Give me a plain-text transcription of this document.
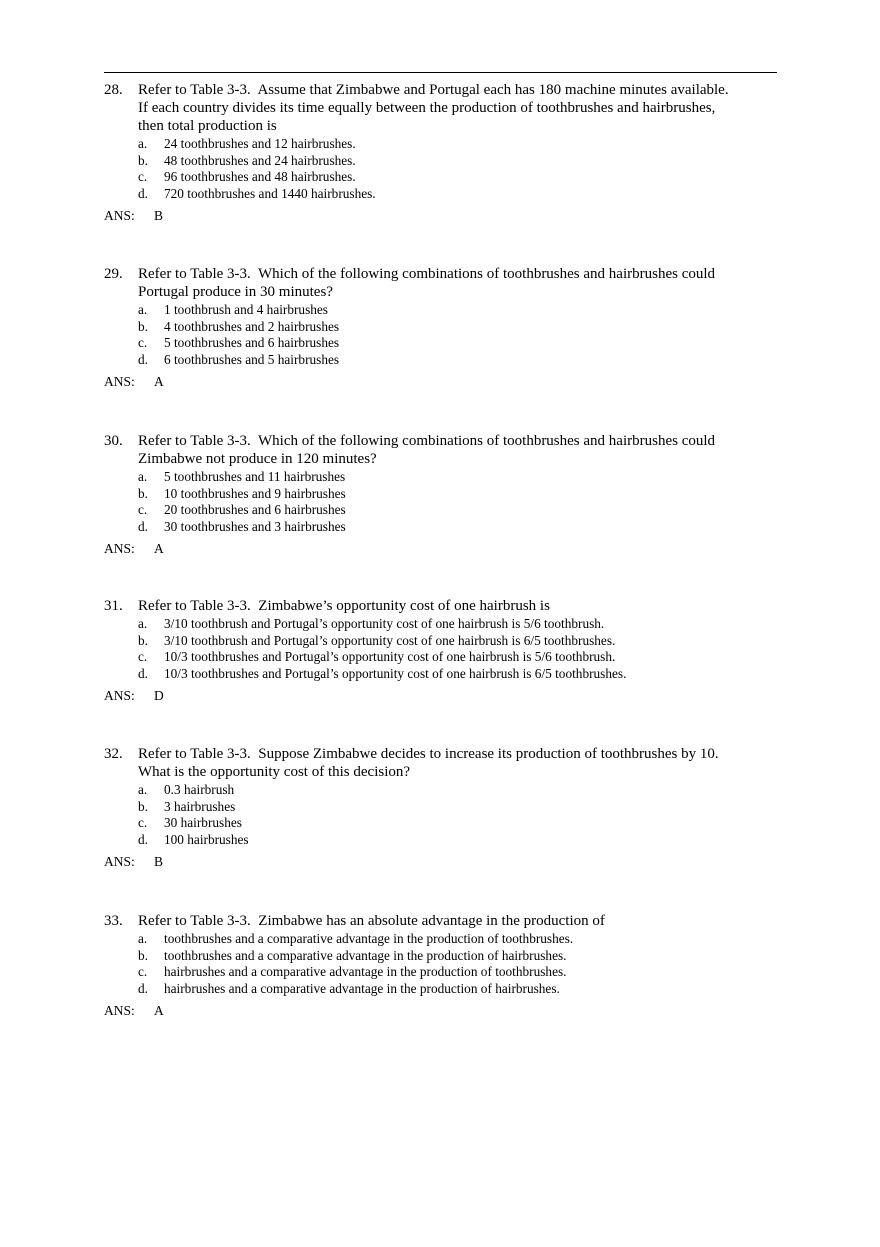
28.	Refer to Table 3-3.  Assume that Zimbabwe and Portugal each has 180 machine minutes available.
If each country divides its time equally between the production of toothbrushes and hairbrushes,
then total production is
a. 24 toothbrushes and 12 hairbrushes.
b. 48 toothbrushes and 24 hairbrushes.
c. 96 toothbrushes and 48 hairbrushes.
d. 720 toothbrushes and 1440 hairbrushes.
ANS: B
29.	Refer to Table 3-3.  Which of the following combinations of toothbrushes and hairbrushes could
Portugal produce in 30 minutes?
a. 1 toothbrush and 4 hairbrushes
b. 4 toothbrushes and 2 hairbrushes
c. 5 toothbrushes and 6 hairbrushes
d. 6 toothbrushes and 5 hairbrushes
ANS: A
30.	Refer to Table 3-3.  Which of the following combinations of toothbrushes and hairbrushes could
Zimbabwe not produce in 120 minutes?
a. 5 toothbrushes and 11 hairbrushes
b. 10 toothbrushes and 9 hairbrushes
c. 20 toothbrushes and 6 hairbrushes
d. 30 toothbrushes and 3 hairbrushes
ANS: A
31.	Refer to Table 3-3.  Zimbabwe’s opportunity cost of one hairbrush is
a. 3/10 toothbrush and Portugal’s opportunity cost of one hairbrush is 5/6 toothbrush.
b. 3/10 toothbrush and Portugal’s opportunity cost of one hairbrush is 6/5 toothbrushes.
c. 10/3 toothbrushes and Portugal’s opportunity cost of one hairbrush is 5/6 toothbrush.
d. 10/3 toothbrushes and Portugal’s opportunity cost of one hairbrush is 6/5 toothbrushes.
ANS: D
32.	Refer to Table 3-3.  Suppose Zimbabwe decides to increase its production of toothbrushes by 10.
What is the opportunity cost of this decision?
a. 0.3 hairbrush
b. 3 hairbrushes
c. 30 hairbrushes
d. 100 hairbrushes
ANS: B
33.	Refer to Table 3-3.  Zimbabwe has an absolute advantage in the production of
a. toothbrushes and a comparative advantage in the production of toothbrushes.
b. toothbrushes and a comparative advantage in the production of hairbrushes.
c. hairbrushes and a comparative advantage in the production of toothbrushes.
d. hairbrushes and a comparative advantage in the production of hairbrushes.
ANS: A
